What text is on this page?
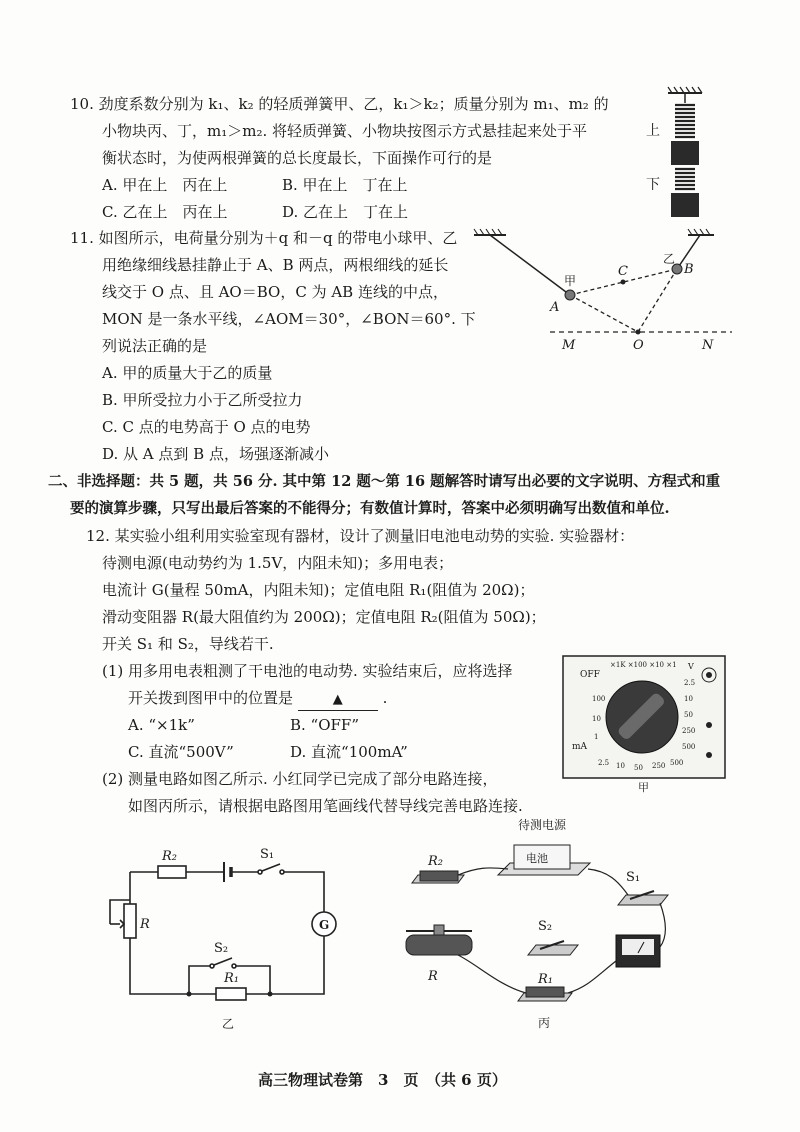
10. 劲度系数分别为 k₁、k₂ 的轻质弹簧甲、乙，k₁＞k₂；质量分别为 m₁、m₂ 的
小物块丙、丁，m₁＞m₂. 将轻质弹簧、小物块按图示方式悬挂起来处于平
衡状态时，为使两根弹簧的总长度最长，下面操作可行的是
A. 甲在上　丙在上	B. 甲在上　丁在上
C. 乙在上　丙在上	D. 乙在上　丁在上
上
下
11. 如图所示，电荷量分别为＋q 和－q 的带电小球甲、乙
用绝缘细线悬挂静止于 A、B 两点，两根细线的延长
线交于 O 点、且 AO＝BO，C 为 AB 连线的中点，
MON 是一条水平线，∠AOM＝30°，∠BON＝60°. 下
列说法正确的是
A. 甲的质量大于乙的质量
B. 甲所受拉力小于乙所受拉力
C. C 点的电势高于 O 点的电势
D. 从 A 点到 B 点，场强逐渐减小
甲
A
C
乙
B
M	O	N
二、非选择题：共 5 题，共 56 分. 其中第 12 题～第 16 题解答时请写出必要的文字说明、方程式和重
要的演算步骤，只写出最后答案的不能得分；有数值计算时，答案中必须明确写出数值和单位.
12. 某实验小组利用实验室现有器材，设计了测量旧电池电动势的实验. 实验器材：
待测电源(电动势约为 1.5V，内阻未知)；多用电表；
电流计 G(量程 50mA，内阻未知)；定值电阻 R₁(阻值为 20Ω)；
滑动变阻器 R(最大阻值约为 200Ω)；定值电阻 R₂(阻值为 50Ω)；
开关 S₁ 和 S₂，导线若干.
(1) 用多用电表粗测了干电池的电动势. 实验结束后，应将选择
开关拨到图甲中的位置是	▲	.
A. “×1k”	B. “OFF”
C. 直流“500V”	D. 直流“100mA”
(2) 测量电路如图乙所示. 小红同学已完成了部分电路连接，
如图丙所示，请根据电路图用笔画线代替导线完善电路连接.
OFF
×1K ×100 ×10 ×1 V
100
10
1
mA
2.5
10
50
250
500
2.5 10 50 250 500
甲
R₂	S₁
R	G
S₂
R₁
乙
待测电源
电池
R₂
S₁
S₂
R	R₁
丙
高三物理试卷第　3　页　（共 6 页）
